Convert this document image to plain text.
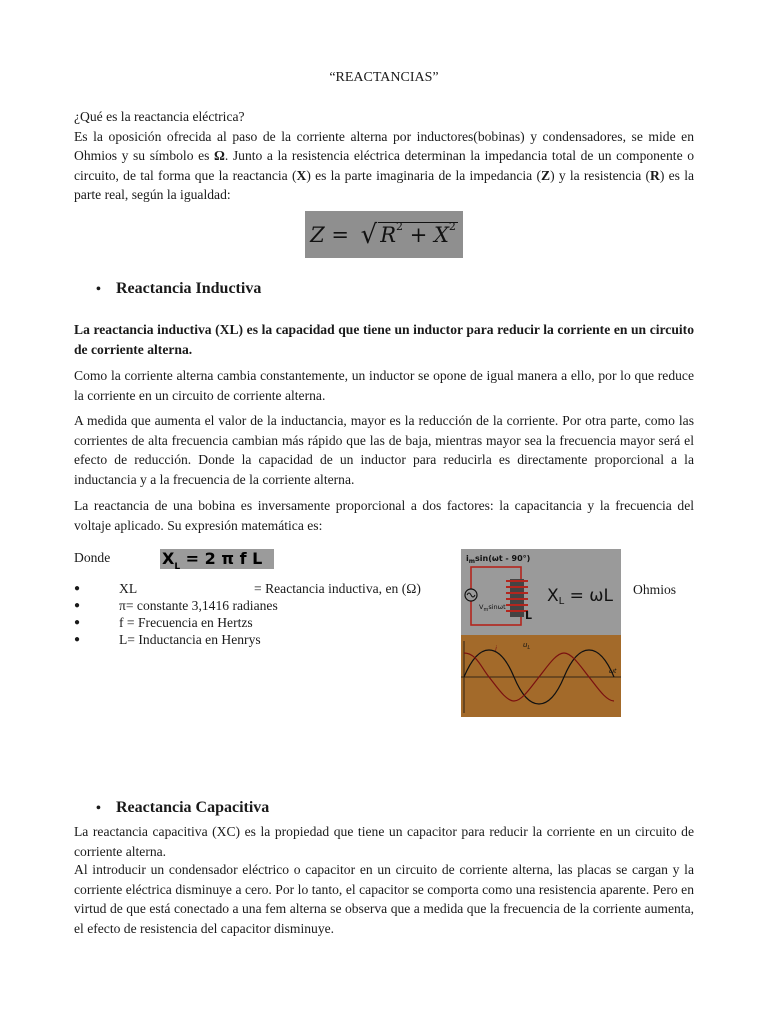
“REACTANCIAS”
¿Qué es la reactancia eléctrica?
Es la oposición ofrecida al paso de la corriente alterna por inductores(bobinas) y condensadores, se mide en Ohmios y su símbolo es Ω. Junto a la resistencia eléctrica determinan la impedancia total de un componente o circuito, de tal forma que la reactancia (X) es la parte imaginaria de la impedancia (Z) y la resistencia (R) es la parte real, según la igualdad:
Z = √ $R^2 + X^2$
• Reactancia Inductiva
La reactancia inductiva (XL) es la capacidad que tiene un inductor para reducir la corriente en un circuito de corriente alterna.
Como la corriente alterna cambia constantemente, un inductor se opone de igual manera a ello, por lo que reduce la corriente en un circuito de corriente alterna.
A medida que aumenta el valor de la inductancia, mayor es la reducción de la corriente. Por otra parte, como las corrientes de alta frecuencia cambian más rápido que las de baja, mientras mayor sea la frecuencia mayor será el efecto de reducción. Donde la capacidad de un inductor para reducirla es directamente proporcional a la inductancia y a la frecuencia de la corriente alterna.
La reactancia de una bobina es inversamente proporcional a dos factores: la capacitancia y la frecuencia del voltaje aplicado. Su expresión matemática es:
Donde	$X_L = 2$ π f L
●	XL	= Reactancia inductiva, en (Ω)
●	π= constante 3,1416 radianes
●	f = Frecuencia en Hertzs
●	L= Inductancia en Henrys
$i_m\sin(\omega t - 90^\circ)$
$V_m\sin\omega t$
L
XL = ωL
i	$u_L$
ωt
Ohmios
• Reactancia Capacitiva
La reactancia capacitiva (XC) es la propiedad que tiene un capacitor para reducir la corriente en un circuito de corriente alterna.
Al introducir un condensador eléctrico o capacitor en un circuito de corriente alterna, las placas se cargan y la corriente eléctrica disminuye a cero. Por lo tanto, el capacitor se comporta como una resistencia aparente. Pero en virtud de que está conectado a una fem alterna se observa que a medida que la frecuencia de la corriente aumenta, el efecto de resistencia del capacitor disminuye.
